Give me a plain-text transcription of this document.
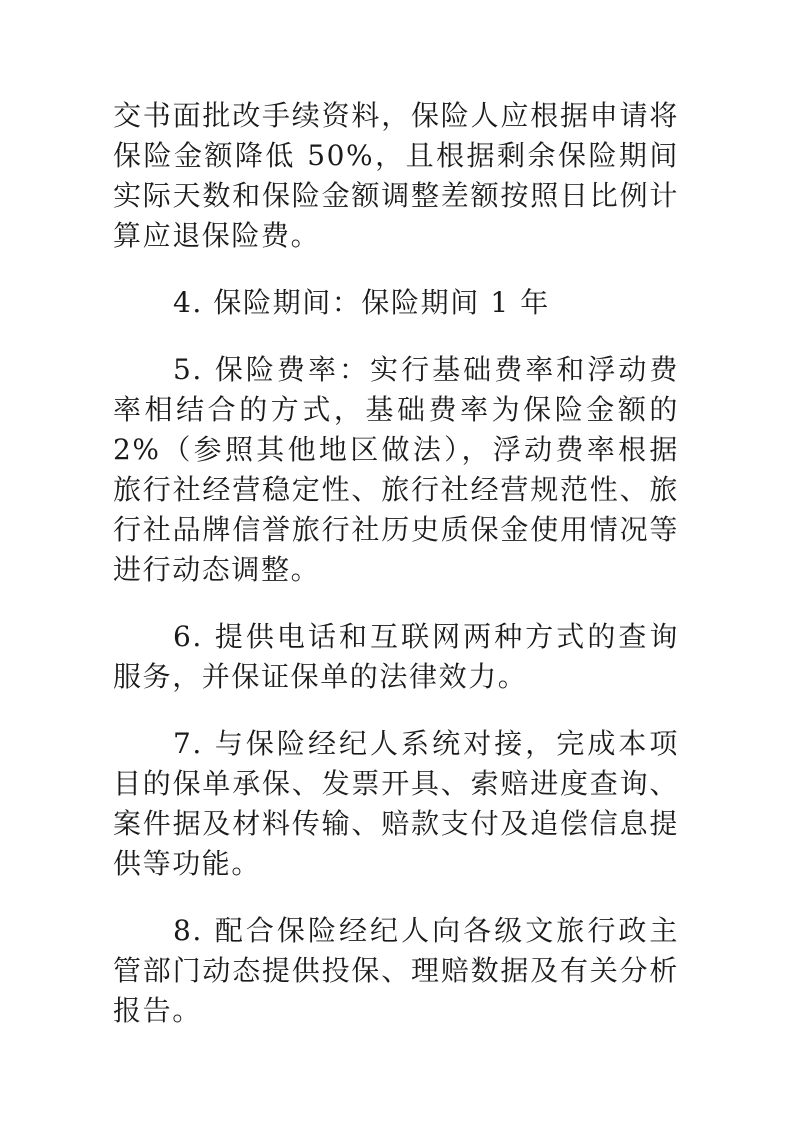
交书面批改手续资料，保险人应根据申请将保险金额降低 50%，且根据剩余保险期间实际天数和保险金额调整差额按照日比例计算应退保险费。

4. 保险期间：保险期间 1 年

5. 保险费率：实行基础费率和浮动费率相结合的方式，基础费率为保险金额的 2%（参照其他地区做法），浮动费率根据旅行社经营稳定性、旅行社经营规范性、旅行社品牌信誉旅行社历史质保金使用情况等进行动态调整。

6. 提供电话和互联网两种方式的查询服务，并保证保单的法律效力。

7. 与保险经纪人系统对接，完成本项目的保单承保、发票开具、索赔进度查询、案件据及材料传输、赔款支付及追偿信息提供等功能。

8. 配合保险经纪人向各级文旅行政主管部门动态提供投保、理赔数据及有关分析报告。
